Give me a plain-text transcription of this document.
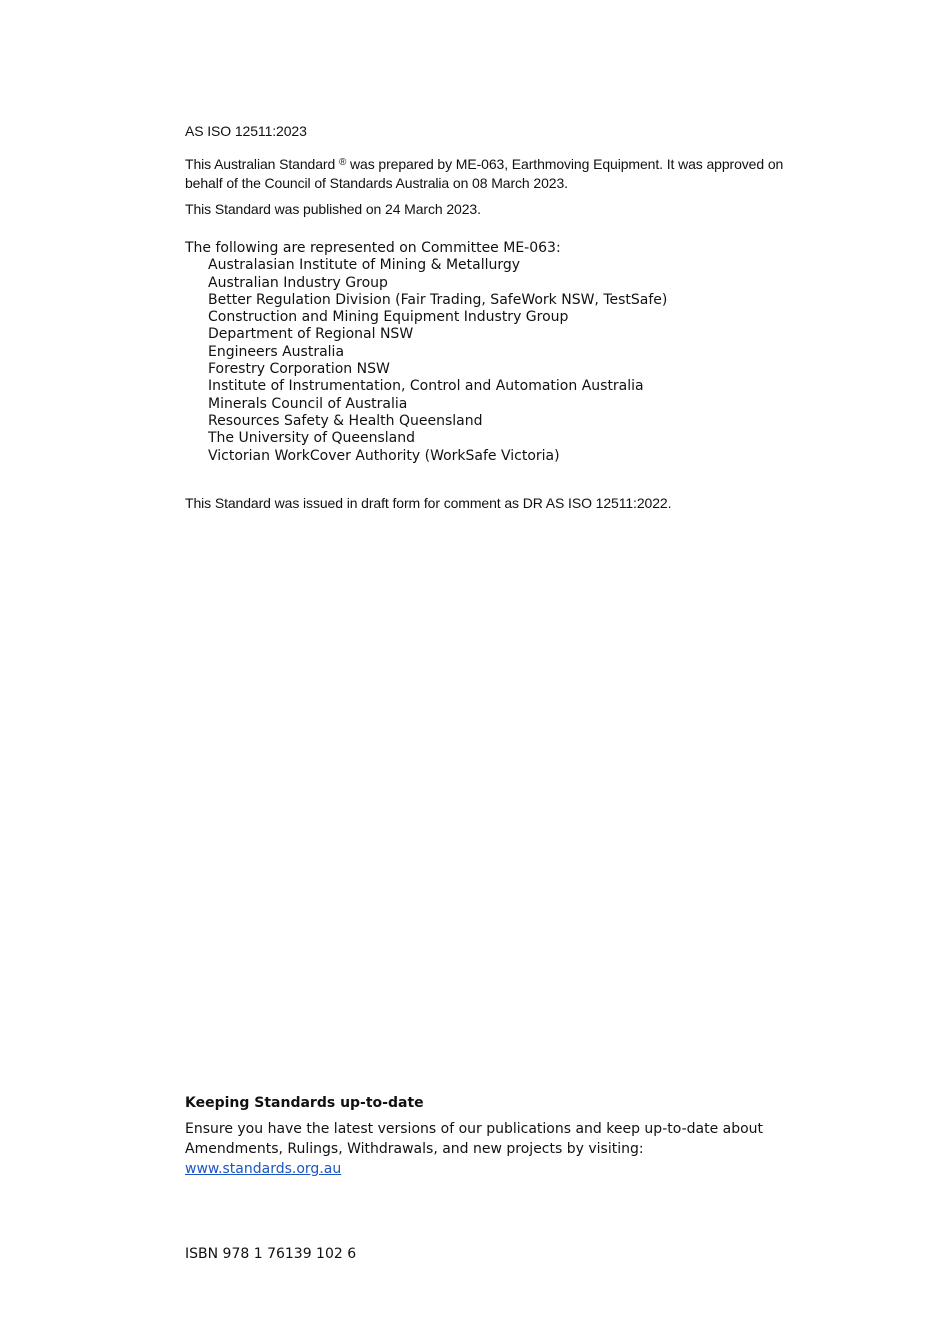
AS ISO 12511:2023

This Australian Standard ® was prepared by ME-063, Earthmoving Equipment. It was approved on behalf of the Council of Standards Australia on 08 March 2023.

This Standard was published on 24 March 2023.

The following are represented on Committee ME-063:

Australasian Institute of Mining & Metallurgy
Australian Industry Group
Better Regulation Division (Fair Trading, SafeWork NSW, TestSafe)
Construction and Mining Equipment Industry Group
Department of Regional NSW
Engineers Australia
Forestry Corporation NSW
Institute of Instrumentation, Control and Automation Australia
Minerals Council of Australia
Resources Safety & Health Queensland
The University of Queensland
Victorian WorkCover Authority (WorkSafe Victoria)

This Standard was issued in draft form for comment as DR AS ISO 12511:2022.

Keeping Standards up-to-date

Ensure you have the latest versions of our publications and keep up-to-date about Amendments, Rulings, Withdrawals, and new projects by visiting:
www.standards.org.au

ISBN 978 1 76139 102 6
